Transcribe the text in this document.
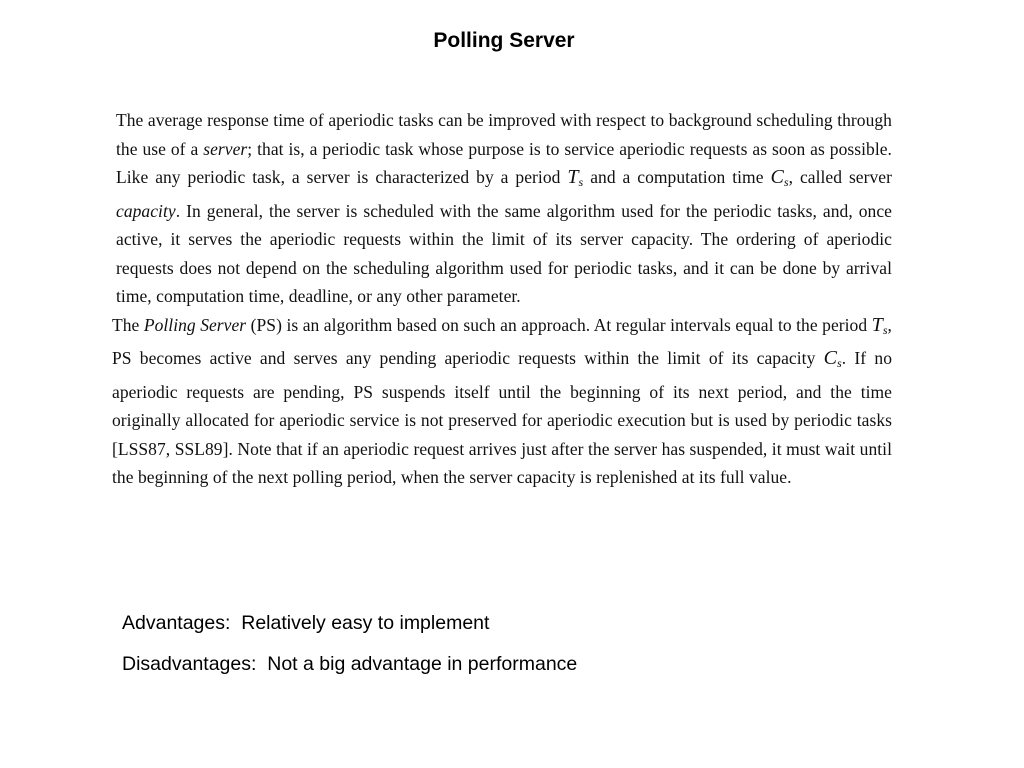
Polling Server

The average response time of aperiodic tasks can be improved with respect to background scheduling through the use of a server; that is, a periodic task whose purpose is to service aperiodic requests as soon as possible. Like any periodic task, a server is characterized by a period $T_s$ and a computation time $C_s$, called server capacity. In general, the server is scheduled with the same algorithm used for the periodic tasks, and, once active, it serves the aperiodic requests within the limit of its server capacity. The ordering of aperiodic requests does not depend on the scheduling algorithm used for periodic tasks, and it can be done by arrival time, computation time, deadline, or any other parameter.

The Polling Server (PS) is an algorithm based on such an approach. At regular intervals equal to the period $T_s$, PS becomes active and serves any pending aperiodic requests within the limit of its capacity $C_s$. If no aperiodic requests are pending, PS suspends itself until the beginning of its next period, and the time originally allocated for aperiodic service is not preserved for aperiodic execution but is used by periodic tasks [LSS87, SSL89]. Note that if an aperiodic request arrives just after the server has suspended, it must wait until the beginning of the next polling period, when the server capacity is replenished at its full value.

Advantages:  Relatively easy to implement
Disadvantages:  Not a big advantage in performance
